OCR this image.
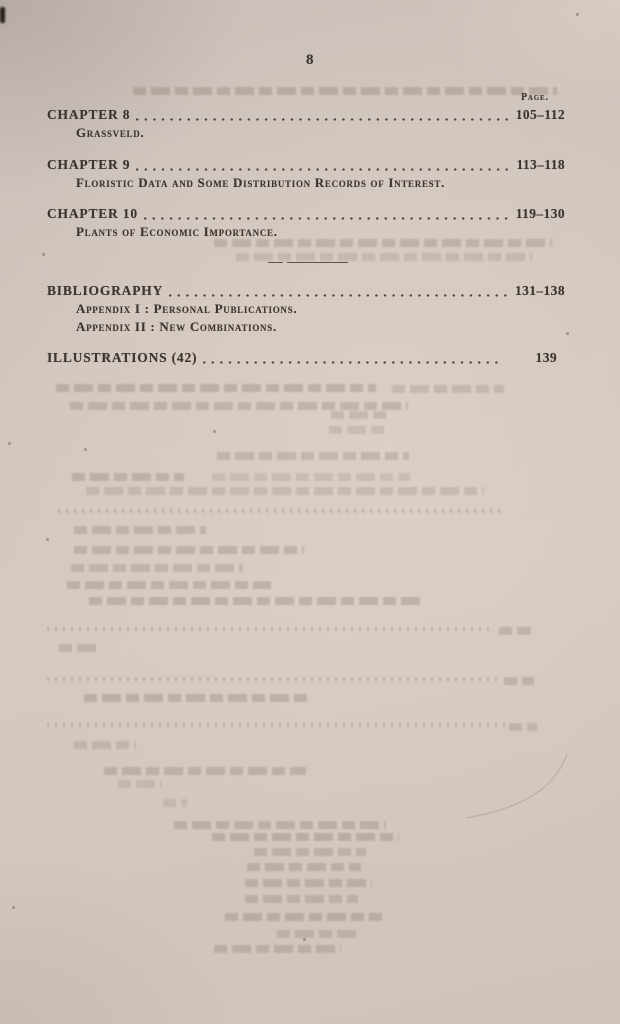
8
Page.
CHAPTER 8	105–112
Grassveld.
CHAPTER 9	113–118
Floristic Data and Some Distribution Records of Interest.
CHAPTER 10	119–130
Plants of Economic Importance.
BIBLIOGRAPHY	131–138
Appendix I : Personal Publications.
Appendix II : New Combinations.
ILLUSTRATIONS (42)	139
